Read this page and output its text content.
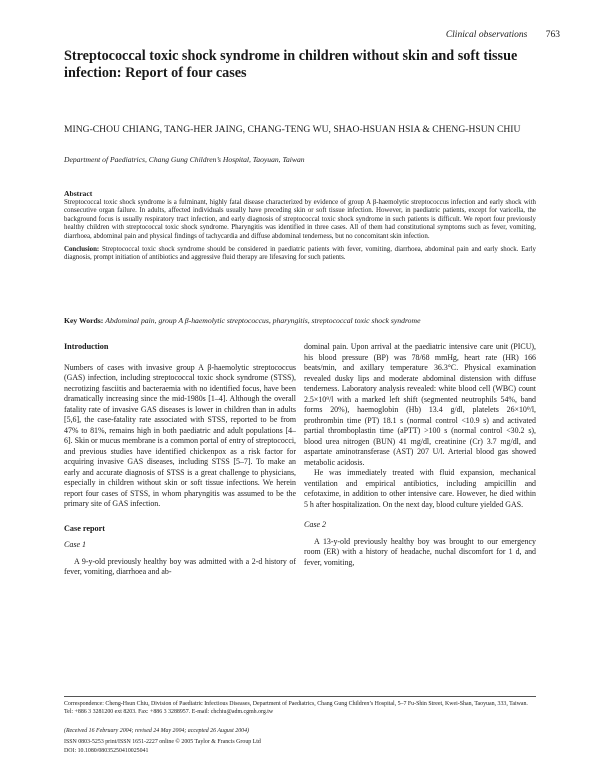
Clinical observations 763
Streptococcal toxic shock syndrome in children without skin and soft tissue infection: Report of four cases
MING-CHOU CHIANG, TANG-HER JAING, CHANG-TENG WU, SHAO-HSUAN HSIA & CHENG-HSUN CHIU
Department of Paediatrics, Chang Gung Children’s Hospital, Taoyuan, Taiwan
Abstract

Streptococcal toxic shock syndrome is a fulminant, highly fatal disease characterized by evidence of group A β-haemolytic streptococcus infection and early shock with consecutive organ failure. In adults, affected individuals usually have preceding skin or soft tissue infection. However, in paediatric patients, except for varicella, the background focus is usually respiratory tract infection, and early diagnosis of streptococcal toxic shock syndrome in such patients is difficult. We report four previously healthy children with streptococcal toxic shock syndrome. Pharyngitis was identified in three cases. All of them had constitutional symptoms such as fever, vomiting, diarrhoea, abdominal pain and physical findings of tachycardia and diffuse abdominal tenderness, but no concomitant skin infection.

Conclusion: Streptococcal toxic shock syndrome should be considered in paediatric patients with fever, vomiting, diarrhoea, abdominal pain and early shock. Early diagnosis, prompt initiation of antibiotics and aggressive fluid therapy are lifesaving for such patients.

Key Words: Abdominal pain, group A β-haemolytic streptococcus, pharyngitis, streptococcal toxic shock syndrome
Introduction

Numbers of cases with invasive group A β-haemolytic streptococcus (GAS) infection, including streptococcal toxic shock syndrome (STSS), necrotizing fasciitis and bacteraemia with no identified focus, have been dramatically increasing since the mid-1980s [1–4]. Although the overall fatality rate of invasive GAS diseases is lower in children than in adults [5,6], the case-fatality rate associated with STSS, reported to be from 47% to 81%, remains high in both paediatric and adult populations [4–6]. Skin or mucus membrane is a common portal of entry of streptococci, and previous studies have identified chickenpox as a risk factor for acquiring invasive GAS diseases, including STSS [5–7]. To make an early and accurate diagnosis of STSS is a great challenge to physicians, especially in children without skin or soft tissue infections. We herein report four cases of STSS, in whom pharyngitis was assumed to be the primary site of GAS infection.

Case report
Case 1

A 9-y-old previously healthy boy was admitted with a 2-d history of fever, vomiting, diarrhoea and ab-

dominal pain. Upon arrival at the paediatric intensive care unit (PICU), his blood pressure (BP) was 78/68 mmHg, heart rate (HR) 166 beats/min, and axillary temperature 36.3°C. Physical examination revealed dusky lips and moderate abdominal distension with diffuse tenderness. Laboratory analysis revealed: white blood cell (WBC) count 2.5×10⁹/l with a marked left shift (segmented neutrophils 54%, band forms 20%), haemoglobin (Hb) 13.4 g/dl, platelets 26×10⁹/l, prothrombin time (PT) 18.1 s (normal control <10.9 s) and activated partial thromboplastin time (aPTT) >100 s (normal control <30.2 s), blood urea nitrogen (BUN) 41 mg/dl, creatinine (Cr) 3.7 mg/dl, and aspartate aminotransferase (AST) 207 U/l. Arterial blood gas showed metabolic acidosis.

He was immediately treated with fluid expansion, mechanical ventilation and empirical antibiotics, including ampicillin and cefotaxime, in addition to other intensive care. However, he died within 5 h after hospitalization. On the next day, blood culture yielded GAS.

Case 2

A 13-y-old previously healthy boy was brought to our emergency room (ER) with a history of headache, nuchal discomfort for 1 d, and fever, vomiting,

Correspondence: Cheng-Hsun Chiu, Division of Paediatric Infectious Diseases, Department of Paediatrics, Chang Gung Children’s Hospital, 5–7 Fu-Shin Street, Kwei-Shan, Taoyuan, 333, Taiwan. Tel: +886 3 3281200 ext 8203. Fax: +886 3 3288957. E-mail: chchiu@adm.cgmh.org.tw
(Received 16 February 2004; revised 24 May 2004; accepted 26 August 2004)
ISSN 0803-5253 print/ISSN 1651-2227 online © 2005 Taylor & Francis Group Ltd
DOI: 10.1080/08035250410025041
